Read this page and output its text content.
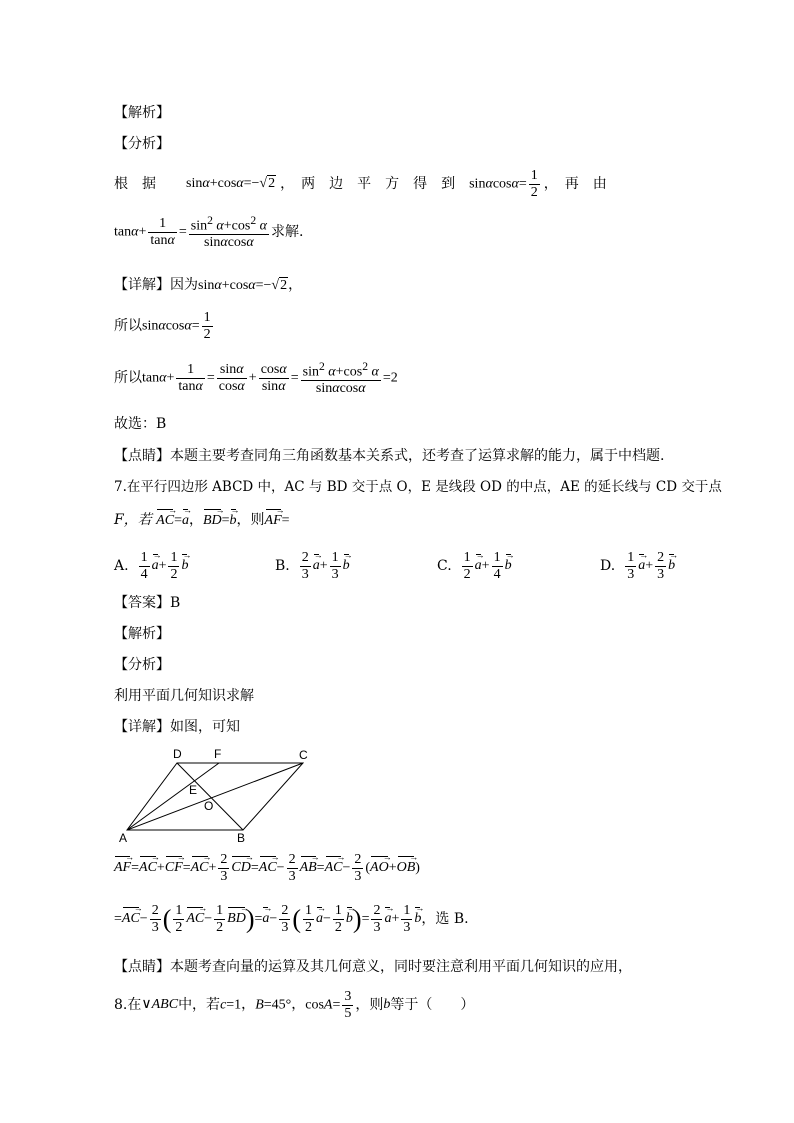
【解析】
【分析】
根　据 sinα+cosα=−√2 ，　两　边　平　方　得　到 $\sin\alpha\cos\alpha= \frac{1}{2}$ ，　再　由
$\tan\alpha+ \frac{1}{\tan\alpha} = \frac{\sin^2 \alpha+\cos^2 \alpha}{\sin\alpha\cos\alpha}$ 求解.
【详解】因为sinα+cosα=−√2，
所以 $\sin\alpha\cos\alpha= \frac{1}{2}$
所以 $\tan\alpha+ \frac{1}{\tan\alpha} = \frac{\sin\alpha}{\cos\alpha} + \frac{\cos\alpha}{\sin\alpha} = \frac{\sin^2 \alpha+\cos^2 \alpha}{\sin\alpha\cos\alpha} =2$
故选：B
【点睛】本题主要考查同角三角函数基本关系式，还考查了运算求解的能力，属于中档题.
7.在平行四边形 ABCD 中，AC 与 BD 交于点 O，E 是线段 OD 的中点，AE 的延长线与 CD 交于点
F，若 AC →=a →，BD →=b →，则AF →=
A. $\frac{1}{4}$ $a \to+ \frac{1}{2}$ b →	B. $\frac{2}{3}$ $a \to+ \frac{1}{3}$ b →	C. $\frac{1}{2}$ $a \to+ \frac{1}{4}$ b →	D. $\frac{1}{3}$ $a \to+ \frac{2}{3}$ b →
【答案】B
【解析】
【分析】
利用平面几何知识求解
【详解】如图，可知
D	F	C
E
O
A	B
AF $\to=AC \to+CF \to=AC \to+ \frac{2}{3}$ CD $\to=AC \to- \frac{2}{3}$ AB $\to=AC \to- \frac{2}{3} (AO \to+OB$ →)
$=AC \to- \frac{2}{3}$ ( $\frac{1}{2}$ AC →− $\frac{1}{2}$ BD $\to)=a \to- \frac{2}{3}$ ( $\frac{1}{2}$ $a \to- \frac{1}{2}$ b →)= $\frac{2}{3}$ $a \to+ \frac{1}{3}$ b → ，选 B.
【点睛】本题考查向量的运算及其几何意义，同时要注意利用平面几何知识的应用，
8.在 ∨ABC 中，若 c=1，B=45°，$\cos A= \frac{3}{5}$ ，则 b 等于（　　）
